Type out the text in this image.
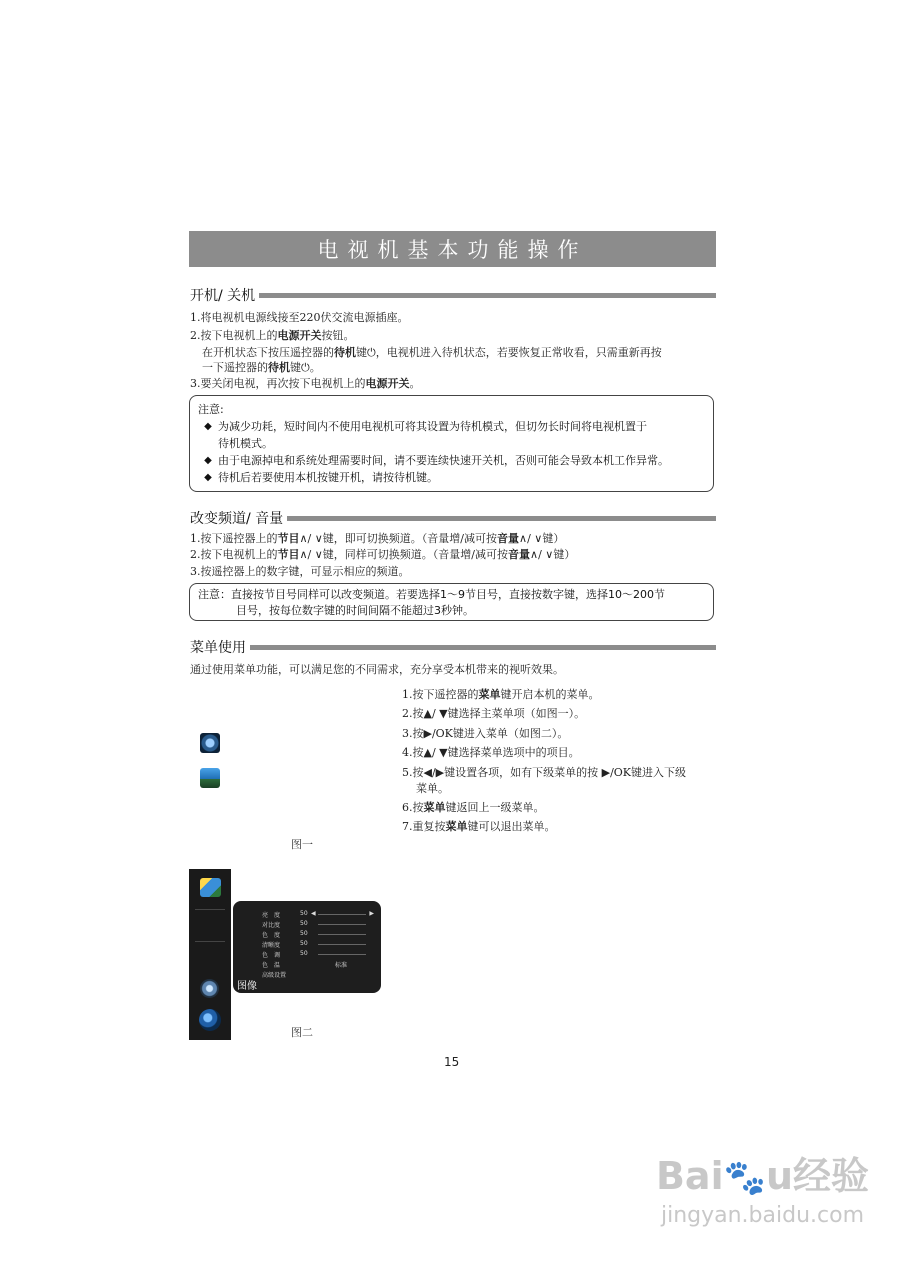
电视机基本功能操作
开机/ 关机
1.将电视机电源线接至220伏交流电源插座。
2.按下电视机上的电源开关按钮。
在开机状态下按压遥控器的待机键⏻，电视机进入待机状态，若要恢复正常收看，只需重新再按
一下遥控器的待机键⏻。
3.要关闭电视，再次按下电视机上的电源开关。
注意:
◆ 为减少功耗，短时间内不使用电视机可将其设置为待机模式，但切勿长时间将电视机置于
待机模式。
◆ 由于电源掉电和系统处理需要时间，请不要连续快速开关机，否则可能会导致本机工作异常。
◆ 待机后若要使用本机按键开机，请按待机键。
改变频道/ 音量
1.按下遥控器上的节目∧/ ∨键，即可切换频道。（音量增/减可按音量∧/ ∨键）
2.按下电视机上的节目∧/ ∨键，同样可切换频道。（音量增/减可按音量∧/ ∨键）
3.按遥控器上的数字键，可显示相应的频道。
注意：直接按节目号同样可以改变频道。若要选择1～9节目号，直接按数字键，选择10～200节
目号，按每位数字键的时间间隔不能超过3秒钟。
菜单使用
通过使用菜单功能，可以满足您的不同需求，充分享受本机带来的视听效果。
1.按下遥控器的菜单键开启本机的菜单。
2.按▲/ ▼键选择主菜单项（如图一）。
3.按▶/OK键进入菜单（如图二）。
4.按▲/ ▼键选择菜单选项中的项目。
5.按◀/▶键设置各项，如有下级菜单的按 ▶/OK键进入下级
菜单。
6.按菜单键返回上一级菜单。
7.重复按菜单键可以退出菜单。
图一
亮　度	50 ◀	▶
对比度	50
色　度	50
清晰度	50
色　调	50
色　温	标准
高级设置
图像
图二
15
Bai🐾u经验
jingyan.baidu.com
